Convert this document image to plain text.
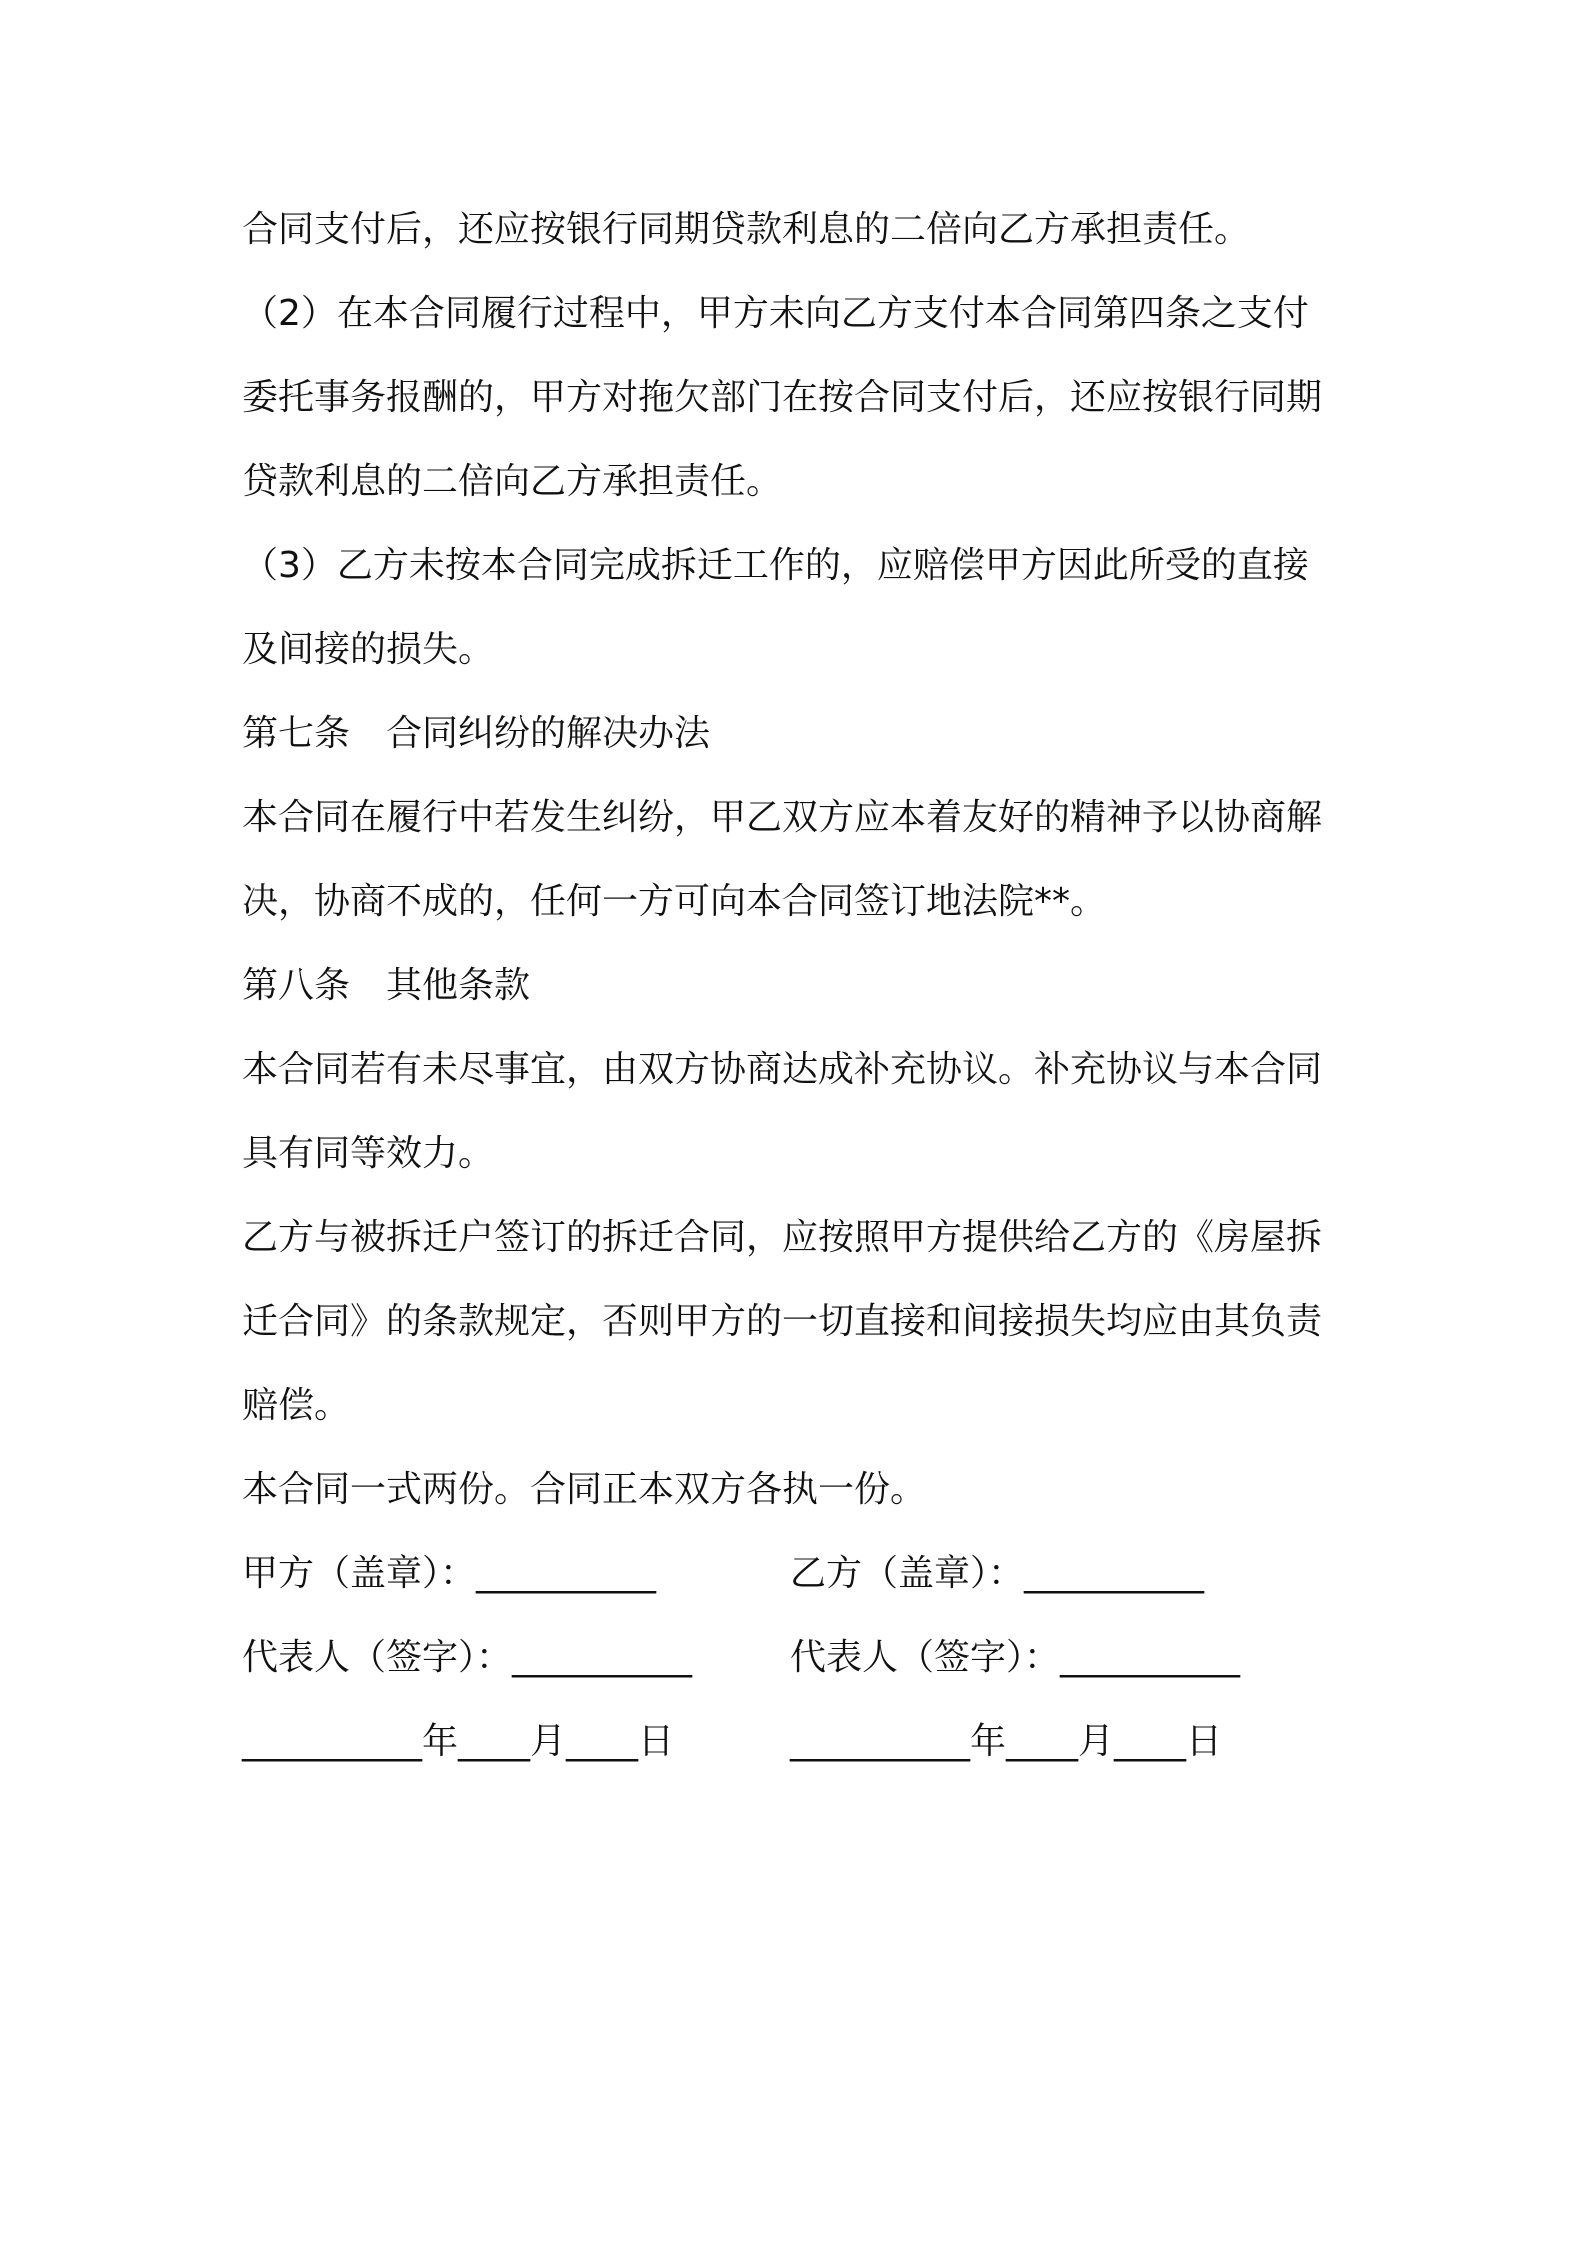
合同支付后，还应按银行同期贷款利息的二倍向乙方承担责任。
（2）在本合同履行过程中，甲方未向乙方支付本合同第四条之支付
委托事务报酬的，甲方对拖欠部门在按合同支付后，还应按银行同期
贷款利息的二倍向乙方承担责任。
（3）乙方未按本合同完成拆迁工作的，应赔偿甲方因此所受的直接
及间接的损失。
第七条　合同纠纷的解决办法
本合同在履行中若发生纠纷，甲乙双方应本着友好的精神予以协商解
决，协商不成的，任何一方可向本合同签订地法院**。
第八条　其他条款
本合同若有未尽事宜，由双方协商达成补充协议。补充协议与本合同
具有同等效力。
乙方与被拆迁户签订的拆迁合同，应按照甲方提供给乙方的《房屋拆
迁合同》的条款规定，否则甲方的一切直接和间接损失均应由其负责
赔偿。
本合同一式两份。合同正本双方各执一份。
甲方（盖章）：__________	乙方（盖章）：__________
代表人（签字）：__________	代表人（签字）：__________
__________年____月____日	__________年____月____日
